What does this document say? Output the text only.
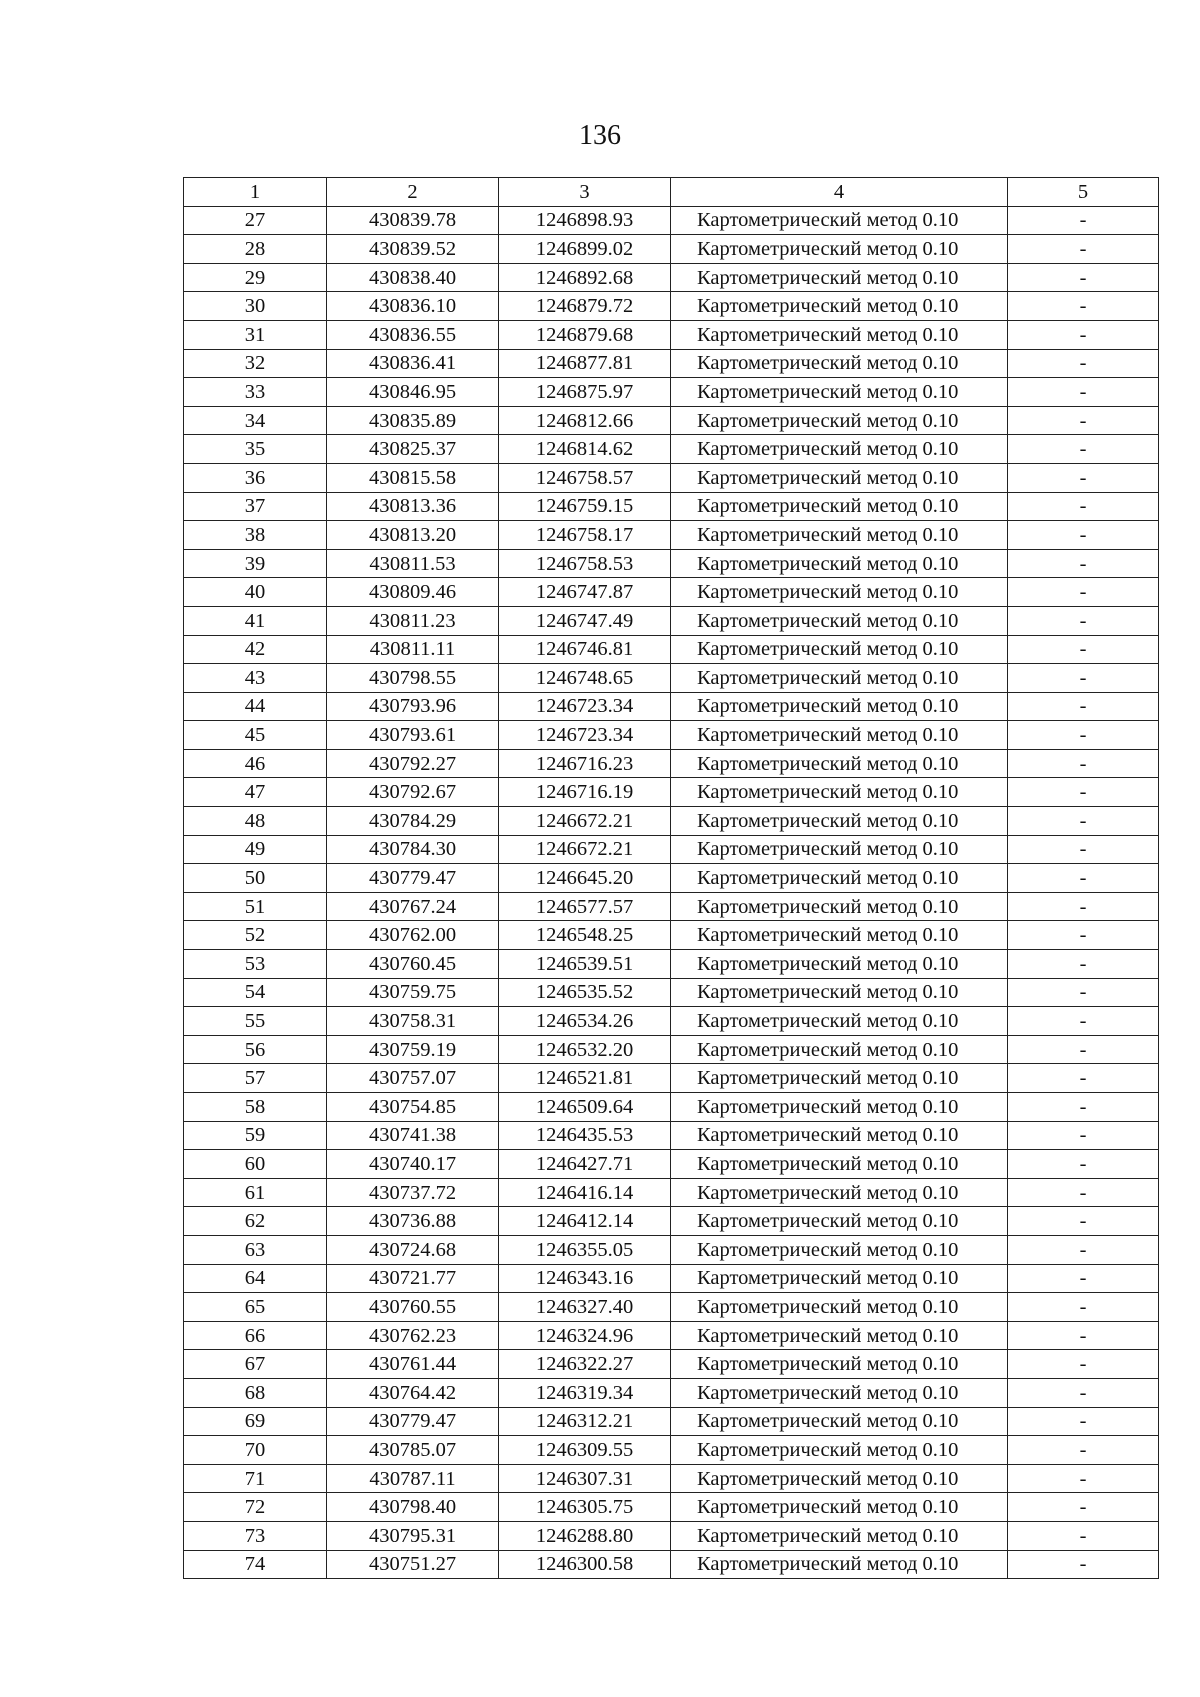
136
1	2	3	4	5
27	430839.78	1246898.93	Картометрический метод 0.10	-
28	430839.52	1246899.02	Картометрический метод 0.10	-
29	430838.40	1246892.68	Картометрический метод 0.10	-
30	430836.10	1246879.72	Картометрический метод 0.10	-
31	430836.55	1246879.68	Картометрический метод 0.10	-
32	430836.41	1246877.81	Картометрический метод 0.10	-
33	430846.95	1246875.97	Картометрический метод 0.10	-
34	430835.89	1246812.66	Картометрический метод 0.10	-
35	430825.37	1246814.62	Картометрический метод 0.10	-
36	430815.58	1246758.57	Картометрический метод 0.10	-
37	430813.36	1246759.15	Картометрический метод 0.10	-
38	430813.20	1246758.17	Картометрический метод 0.10	-
39	430811.53	1246758.53	Картометрический метод 0.10	-
40	430809.46	1246747.87	Картометрический метод 0.10	-
41	430811.23	1246747.49	Картометрический метод 0.10	-
42	430811.11	1246746.81	Картометрический метод 0.10	-
43	430798.55	1246748.65	Картометрический метод 0.10	-
44	430793.96	1246723.34	Картометрический метод 0.10	-
45	430793.61	1246723.34	Картометрический метод 0.10	-
46	430792.27	1246716.23	Картометрический метод 0.10	-
47	430792.67	1246716.19	Картометрический метод 0.10	-
48	430784.29	1246672.21	Картометрический метод 0.10	-
49	430784.30	1246672.21	Картометрический метод 0.10	-
50	430779.47	1246645.20	Картометрический метод 0.10	-
51	430767.24	1246577.57	Картометрический метод 0.10	-
52	430762.00	1246548.25	Картометрический метод 0.10	-
53	430760.45	1246539.51	Картометрический метод 0.10	-
54	430759.75	1246535.52	Картометрический метод 0.10	-
55	430758.31	1246534.26	Картометрический метод 0.10	-
56	430759.19	1246532.20	Картометрический метод 0.10	-
57	430757.07	1246521.81	Картометрический метод 0.10	-
58	430754.85	1246509.64	Картометрический метод 0.10	-
59	430741.38	1246435.53	Картометрический метод 0.10	-
60	430740.17	1246427.71	Картометрический метод 0.10	-
61	430737.72	1246416.14	Картометрический метод 0.10	-
62	430736.88	1246412.14	Картометрический метод 0.10	-
63	430724.68	1246355.05	Картометрический метод 0.10	-
64	430721.77	1246343.16	Картометрический метод 0.10	-
65	430760.55	1246327.40	Картометрический метод 0.10	-
66	430762.23	1246324.96	Картометрический метод 0.10	-
67	430761.44	1246322.27	Картометрический метод 0.10	-
68	430764.42	1246319.34	Картометрический метод 0.10	-
69	430779.47	1246312.21	Картометрический метод 0.10	-
70	430785.07	1246309.55	Картометрический метод 0.10	-
71	430787.11	1246307.31	Картометрический метод 0.10	-
72	430798.40	1246305.75	Картометрический метод 0.10	-
73	430795.31	1246288.80	Картометрический метод 0.10	-
74	430751.27	1246300.58	Картометрический метод 0.10	-
